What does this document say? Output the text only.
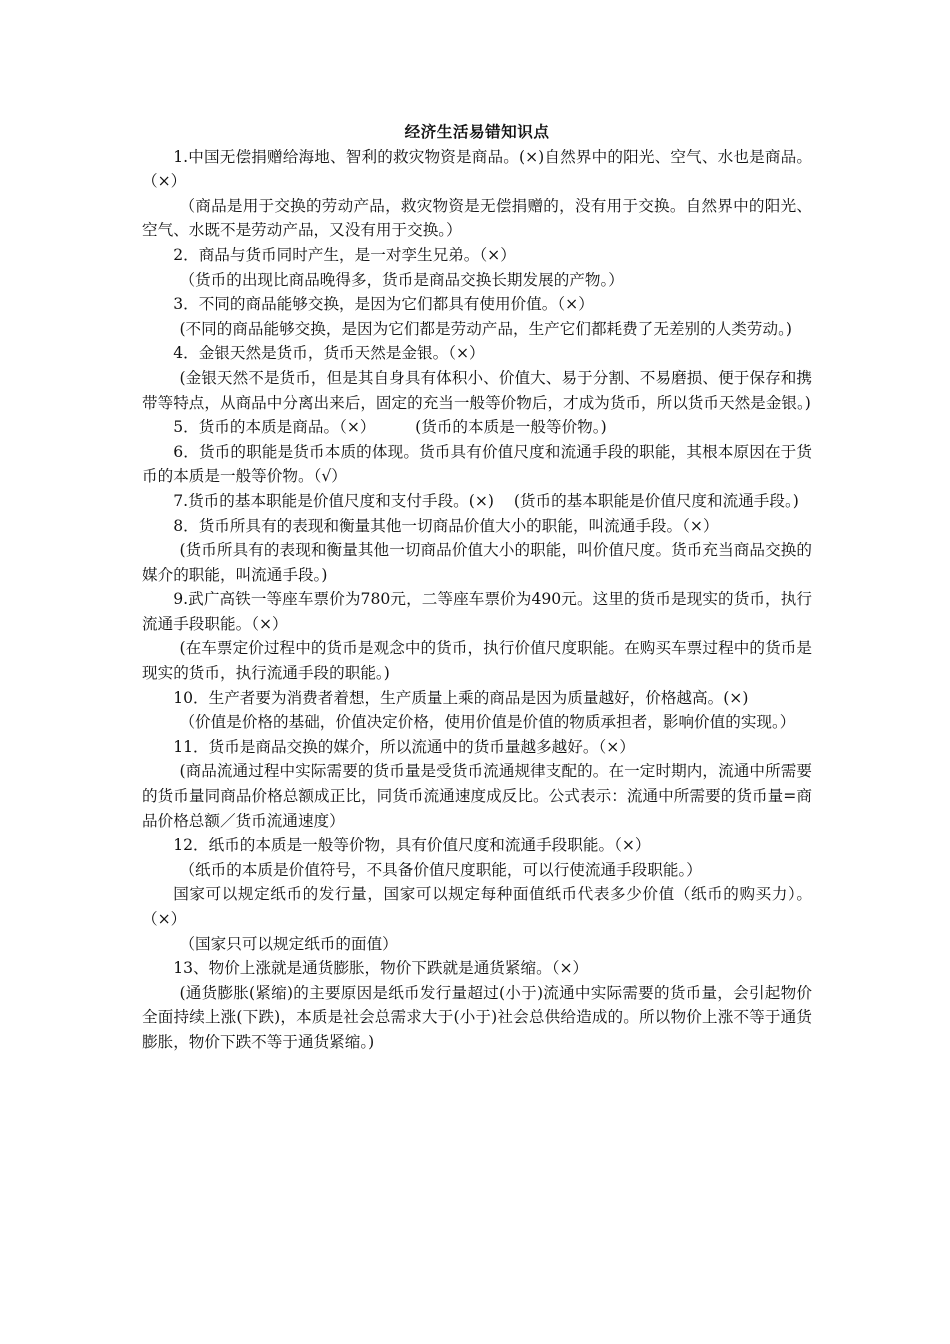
经济生活易错知识点

1.中国无偿捐赠给海地、智利的救灾物资是商品。(×)自然界中的阳光、空气、水也是商品。（×）

（商品是用于交换的劳动产品，救灾物资是无偿捐赠的，没有用于交换。自然界中的阳光、空气、水既不是劳动产品，又没有用于交换。）

2．商品与货币同时产生，是一对孪生兄弟。（×）

（货币的出现比商品晚得多，货币是商品交换长期发展的产物。）

3．不同的商品能够交换，是因为它们都具有使用价值。（×）

(不同的商品能够交换，是因为它们都是劳动产品，生产它们都耗费了无差别的人类劳动。)

4．金银天然是货币，货币天然是金银。（×）

(金银天然不是货币，但是其自身具有体积小、价值大、易于分割、不易磨损、便于保存和携带等特点，从商品中分离出来后，固定的充当一般等价物后，才成为货币，所以货币天然是金银。)

5．货币的本质是商品。（×）        (货币的本质是一般等价物。)

6．货币的职能是货币本质的体现。货币具有价值尺度和流通手段的职能，其根本原因在于货币的本质是一般等价物。（√）

7.货币的基本职能是价值尺度和支付手段。(×)    (货币的基本职能是价值尺度和流通手段。)

8．货币所具有的表现和衡量其他一切商品价值大小的职能，叫流通手段。（×）

(货币所具有的表现和衡量其他一切商品价值大小的职能，叫价值尺度。货币充当商品交换的媒介的职能，叫流通手段。)

9.武广高铁一等座车票价为780元，二等座车票价为490元。这里的货币是现实的货币，执行流通手段职能。（×）

(在车票定价过程中的货币是观念中的货币，执行价值尺度职能。在购买车票过程中的货币是现实的货币，执行流通手段的职能。)

10．生产者要为消费者着想，生产质量上乘的商品是因为质量越好，价格越高。(×)

（价值是价格的基础，价值决定价格，使用价值是价值的物质承担者，影响价值的实现。）

11．货币是商品交换的媒介，所以流通中的货币量越多越好。（×）

(商品流通过程中实际需要的货币量是受货币流通规律支配的。在一定时期内，流通中所需要的货币量同商品价格总额成正比，同货币流通速度成反比。公式表示：流通中所需要的货币量=商品价格总额／货币流通速度）

12．纸币的本质是一般等价物，具有价值尺度和流通手段职能。（×）

（纸币的本质是价值符号，不具备价值尺度职能，可以行使流通手段职能。）

国家可以规定纸币的发行量，国家可以规定每种面值纸币代表多少价值（纸币的购买力）。（×）

（国家只可以规定纸币的面值）

13、物价上涨就是通货膨胀，物价下跌就是通货紧缩。（×）

(通货膨胀(紧缩)的主要原因是纸币发行量超过(小于)流通中实际需要的货币量，会引起物价全面持续上涨(下跌)，本质是社会总需求大于(小于)社会总供给造成的。所以物价上涨不等于通货膨胀，物价下跌不等于通货紧缩。)
